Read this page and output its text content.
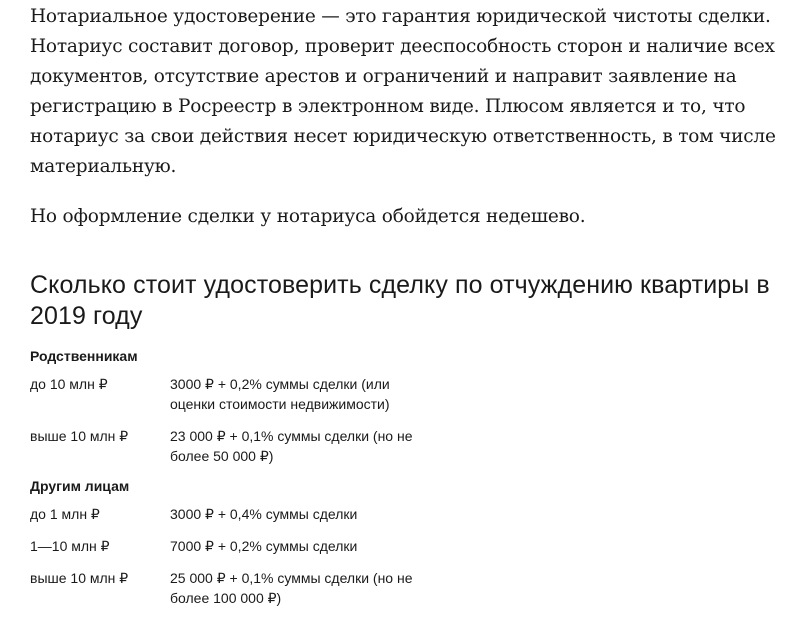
Нотариальное удостоверение — это гарантия юридической чистоты сделки. Нотариус составит договор, проверит дееспособность сторон и наличие всех документов, отсутствие арестов и ограничений и направит заявление на регистрацию в Росреестр в электронном виде. Плюсом является и то, что нотариус за свои действия несет юридическую ответственность, в том числе материальную.

Но оформление сделки у нотариуса обойдется недешево.

Сколько стоит удостоверить сделку по отчуждению квартиры в 2019 году

Родственникам

до 10 млн ₽	3000 ₽ + 0,2% суммы сделки (или оценки стоимости недвижимости)
выше 10 млн ₽	23 000 ₽ + 0,1% суммы сделки (но не более 50 000 ₽)

Другим лицам

до 1 млн ₽	3000 ₽ + 0,4% суммы сделки
1—10 млн ₽	7000 ₽ + 0,2% суммы сделки
выше 10 млн ₽	25 000 ₽ + 0,1% суммы сделки (но не более 100 000 ₽)
